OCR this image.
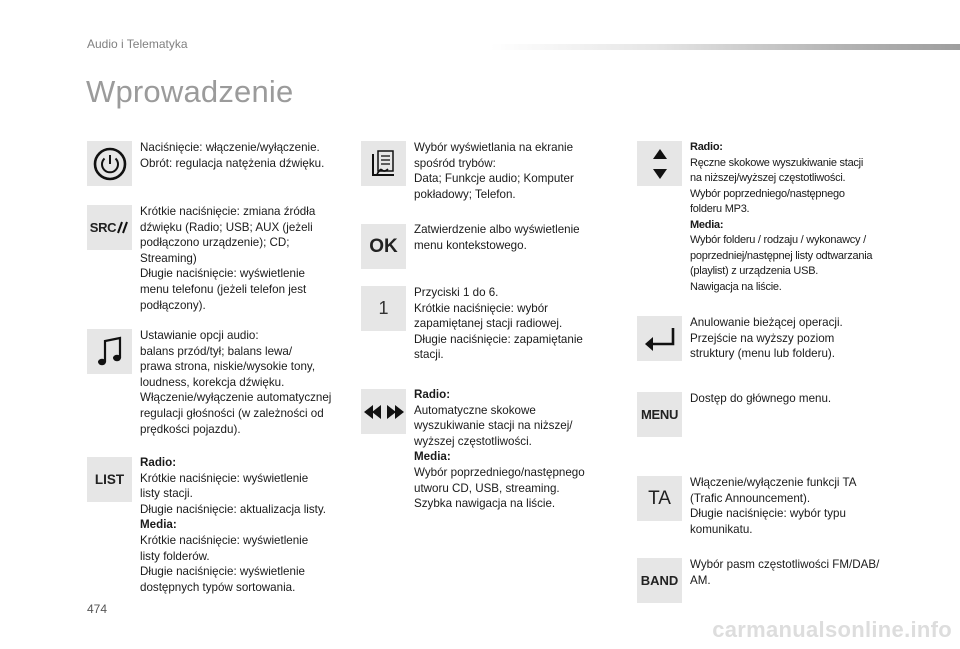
Audio i Telematyka
Wprowadzenie

Naciśnięcie: włączenie/wyłączenie.

Obrót: regulacja natężenia dźwięku.

SRC

Krótkie naciśnięcie: zmiana źródła

dźwięku (Radio; USB; AUX (jeżeli

podłączono urządzenie); CD;

Streaming)

Długie naciśnięcie: wyświetlenie

menu telefonu (jeżeli telefon jest

podłączony).

Ustawianie opcji audio:

balans przód/tył; balans lewa/

prawa strona, niskie/wysokie tony,

loudness, korekcja dźwięku.

Włączenie/wyłączenie automatycznej

regulacji głośności (w zależności od

prędkości pojazdu).

LIST

Radio:

Krótkie naciśnięcie: wyświetlenie

listy stacji.

Długie naciśnięcie: aktualizacja listy.

Media:

Krótkie naciśnięcie: wyświetlenie

listy folderów.

Długie naciśnięcie: wyświetlenie

dostępnych typów sortowania.

Wybór wyświetlania na ekranie

spośród trybów:

Data; Funkcje audio; Komputer

pokładowy; Telefon.

OK

Zatwierdzenie albo wyświetlenie

menu kontekstowego.

1

Przyciski 1 do 6.

Krótkie naciśnięcie: wybór

zapamiętanej stacji radiowej.

Długie naciśnięcie: zapamiętanie

stacji.

Radio:

Automatyczne skokowe

wyszukiwanie stacji na niższej/

wyższej częstotliwości.

Media:

Wybór poprzedniego/następnego

utworu CD, USB, streaming.

Szybka nawigacja na liście.

Radio:

Ręczne skokowe wyszukiwanie stacji

na niższej/wyższej częstotliwości.

Wybór poprzedniego/następnego

folderu MP3.

Media:

Wybór folderu / rodzaju / wykonawcy /

poprzedniej/następnej listy odtwarzania

(playlist) z urządzenia USB.

Nawigacja na liście.

Anulowanie bieżącej operacji.

Przejście na wyższy poziom

struktury (menu lub folderu).

MENU

Dostęp do głównego menu.

TA

Włączenie/wyłączenie funkcji TA

(Trafic Announcement).

Długie naciśnięcie: wybór typu

komunikatu.

BAND

Wybór pasm częstotliwości FM/DAB/

AM.

474
carmanualsonline.info
